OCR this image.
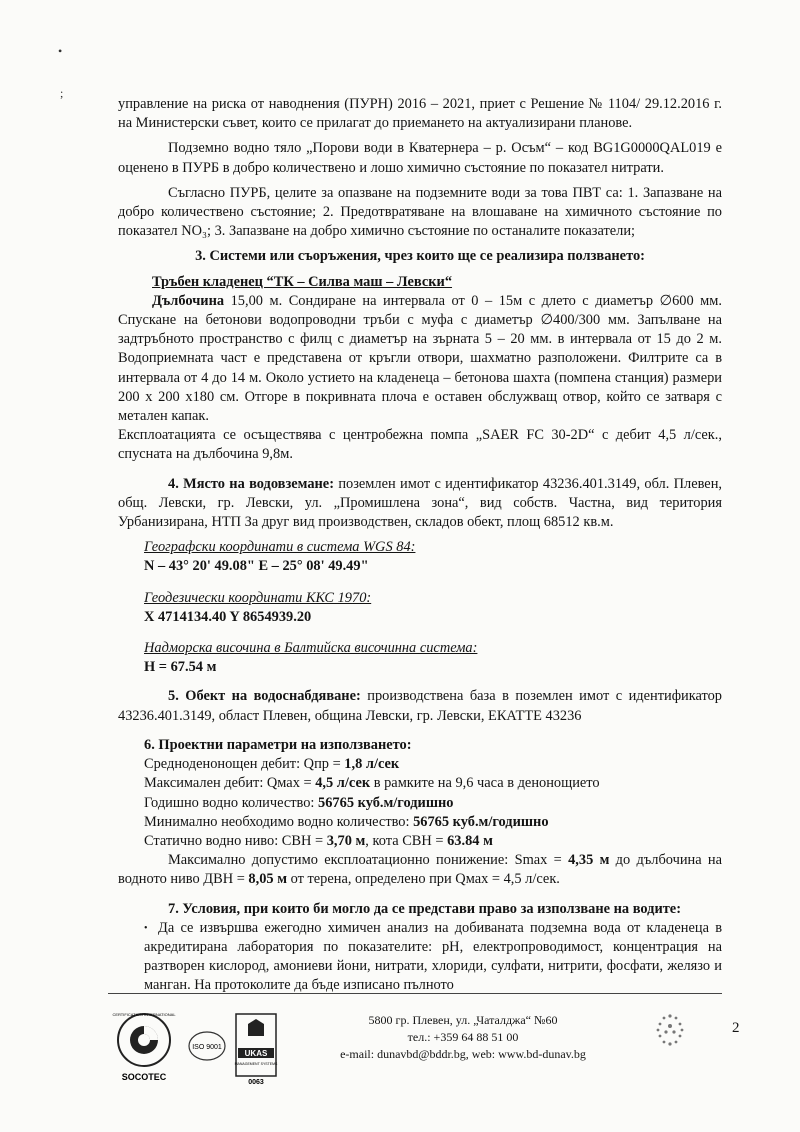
•
;

управление на риска от наводнения (ПУРН) 2016 – 2021, приет с Решение № 1104/ 29.12.2016 г. на Министерски съвет, които се прилагат до приемането на актуализирани планове.

Подземно водно тяло „Порови води в Кватернера – р. Осъм“ – код BG1G0000QAL019 е оценено в ПУРБ в добро количествено и лошо химично състояние по показател нитрати.

Съгласно ПУРБ, целите за опазване на подземните води за това ПВТ са: 1. Запазване на добро количествено състояние; 2. Предотвратяване на влошаване на химичното състояние по показател NO₃; 3. Запазване на добро химично състояние по останалите показатели;

3. Системи или съоръжения, чрез които ще се реализира ползването:

Тръбен кладенец “ТК – Силва маш – Левски“

Дълбочина 15,00 м. Сондиране на интервала от 0 – 15м с длето с диаметър ∅600 мм. Спускане на бетонови водопроводни тръби с муфа с диаметър ∅400/300 мм. Запълване на задтръбното пространство с филц с диаметър на зърната 5 – 20 мм. в интервала от 15 до 2 м. Водоприемната част е представена от кръгли отвори, шахматно разположени. Филтрите са в интервала от 4 до 14 м. Около устието на кладенеца – бетонова шахта (помпена станция) размери 200 х 200 х180 см. Отгоре в покривната плоча е оставен обслужващ отвор, който се затваря с метален капак.

Експлоатацията се осъществява с центробежна помпа „SAER FC 30-2D“ с дебит 4,5 л/сек., спусната на дълбочина 9,8м.

4. Място на водовземане: поземлен имот с идентификатор 43236.401.3149, обл. Плевен, общ. Левски, гр. Левски, ул. „Промишлена зона“, вид собств. Частна, вид територия Урбанизирана, НТП За друг вид производствен, складов обект, площ 68512 кв.м.

Географски координати в система WGS 84:
N – 43° 20' 49.08" E – 25° 08' 49.49"
Геодезически координати ККС 1970:
X 4714134.40 Y 8654939.20
Надморска височина в Балтийска височинна система:
H = 67.54 м

5. Обект на водоснабдяване: производствена база в поземлен имот с идентификатор 43236.401.3149, област Плевен, община Левски, гр. Левски, ЕКАТТЕ 43236

6. Проектни параметри на използването:
Средноденонощен дебит: Qпр = 1,8 л/сек
Максимален дебит: Qмах = 4,5 л/сек в рамките на 9,6 часа в денонощието
Годишно водно количество: 56765 куб.м/годишно
Минимално необходимо водно количество: 56765 куб.м/годишно
Статично водно ниво: СВН = 3,70 м, кота СВН = 63.84 м

Максимално допустимо експлоатационно понижение: Smax = 4,35 м до дълбочина на водното ниво ДВН = 8,05 м от терена, определено при Qмах = 4,5 л/сек.

7. Условия, при които би могло да се представи право за използване на водите:

• Да се извършва ежегодно химичен анализ на добиваната подземна вода от кладенеца в акредитирана лаборатория по показателите: pH, електропроводимост, концентрация на разтворен кислород, амониеви йони, нитрати, хлориди, сулфати, нитрити, фосфати, желязо и манган. На протоколите да бъде изписано пълното

SOCOTEC
CERTIFICATION INTERNATIONAL
ISO 9001
UKAS
MANAGEMENT SYSTEMS
0063
5800 гр. Плевен, ул. „Чаталджа“ №60
тел.: +359 64 88 51 00
e-mail: dunavbd@bddr.bg, web: www.bd-dunav.bg
2
